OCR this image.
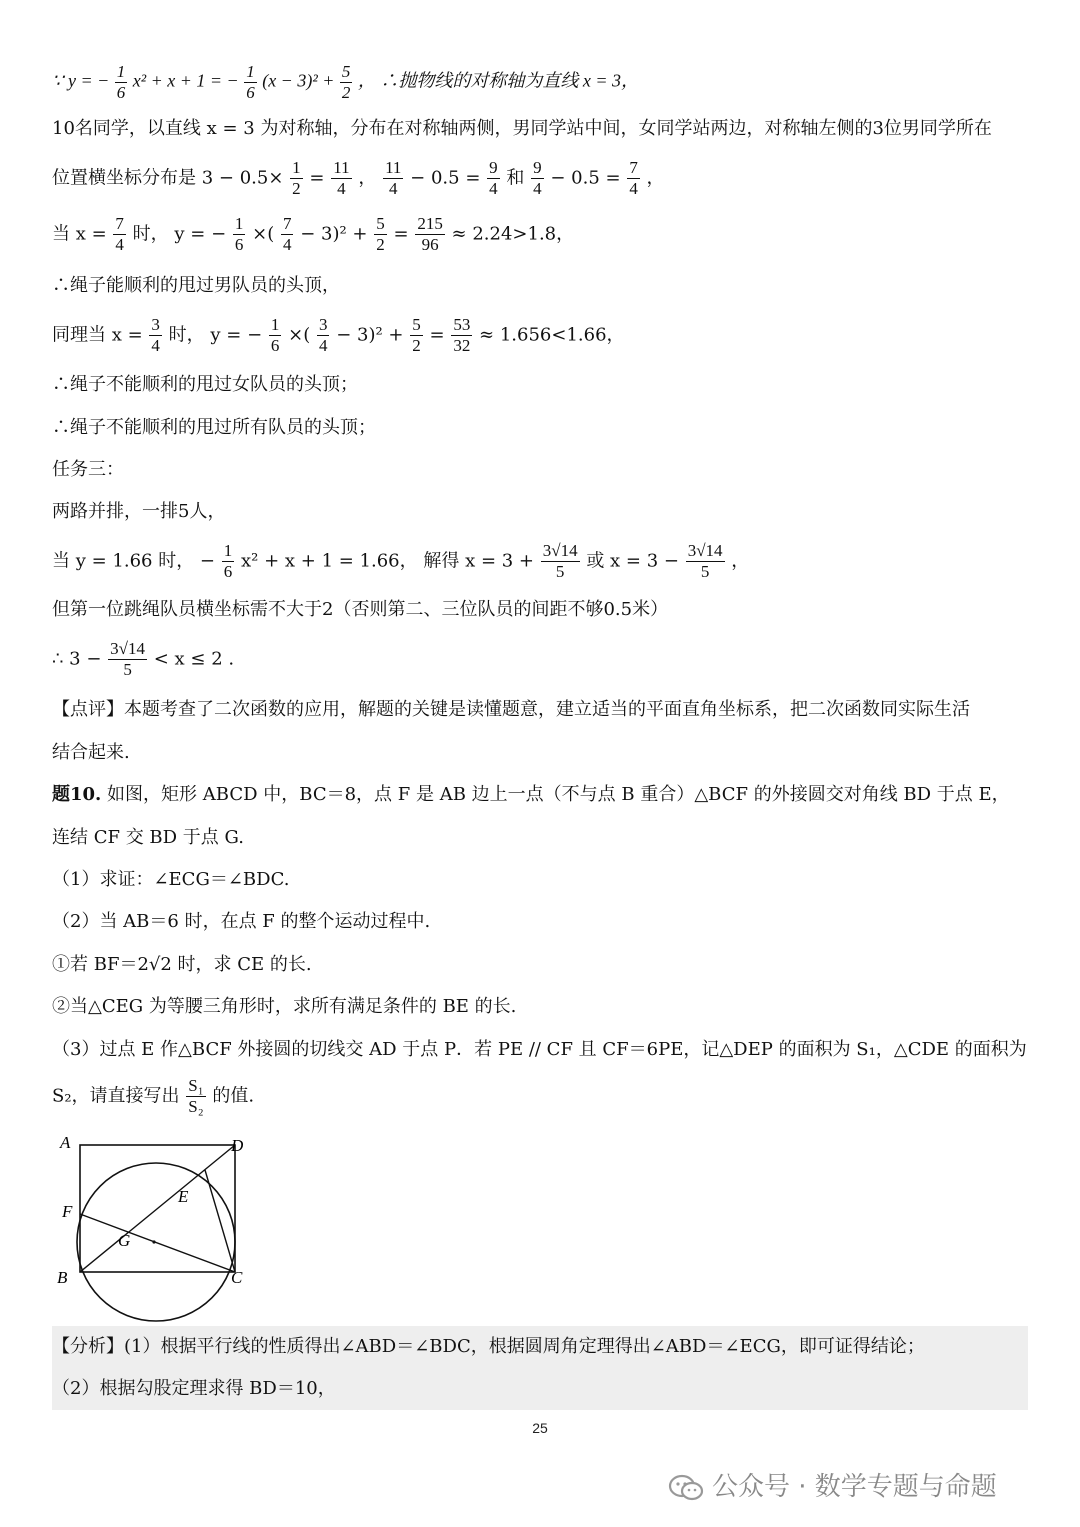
∵ y = − $\frac{1}{6} x^2 + x + 1$ = − $\frac{1}{6} (x - 3)^2 + \frac{5}{2}$ ， ∴抛物线的对称轴为直线 x = 3，
10名同学，以直线 x = 3 为对称轴，分布在对称轴两侧，男同学站中间，女同学站两边，对称轴左侧的3位男同学所在
位置横坐标分布是 $3 - 0.5\times \frac{1}{2} = \frac{11}{4}$ ， $\frac{11}{4} - 0.5 = \frac{9}{4}$ 和 $\frac{9}{4} - 0.5 = \frac{7}{4}$ ，
当 $x = \frac{7}{4}$ 时， y = − $\frac{1}{6}$ ×( $\frac{7}{4} - 3)^2 + \frac{5}{2} = \frac{215}{96} \approx 2.24>1.8$，
∴绳子能顺利的甩过男队员的头顶，
同理当 $x = \frac{3}{4}$ 时， y = − $\frac{1}{6}$ ×( $\frac{3}{4} - 3)^2 + \frac{5}{2} = \frac{53}{32} \approx 1.656<1.66$，
∴绳子不能顺利的甩过女队员的头顶；
∴绳子不能顺利的甩过所有队员的头顶；
任务三：
两路并排，一排5人，
当 y = 1.66 时， − $\frac{1}{6} x^2 + x + 1 = 1.66$， 解得 $x = 3 + \frac{3√14}{5}$ 或 $x = 3 - \frac{3√14}{5}$ ，
但第一位跳绳队员横坐标需不大于2（否则第二、三位队员的间距不够0.5米）
∴ $3 - \frac{3√14}{5} < x \le 2$ .
【点评】本题考查了二次函数的应用，解题的关键是读懂题意，建立适当的平面直角坐标系，把二次函数同实际生活
结合起来.
题10. 如图，矩形 ABCD 中，BC＝8，点 F 是 AB 边上一点（不与点 B 重合）△BCF 的外接圆交对角线 BD 于点 E，
连结 CF 交 BD 于点 G.
（1）求证：∠ECG＝∠BDC.
（2）当 AB＝6 时，在点 F 的整个运动过程中.
①若 BF＝2√2 时，求 CE 的长.
②当△CEG 为等腰三角形时，求所有满足条件的 BE 的长.
（3）过点 E 作△BCF 外接圆的切线交 AD 于点 P．若 PE // CF 且 CF＝6PE，记△DEP 的面积为 S₁，△CDE 的面积为
S₂，请直接写出 $\frac{\text{S₁}}{\text{S₂}}$ 的值.
A	D
E
F
G
B	C
【分析】(1）根据平行线的性质得出∠ABD＝∠BDC，根据圆周角定理得出∠ABD＝∠ECG，即可证得结论；
（2）根据勾股定理求得 BD＝10，
25
公众号 · 数学专题与命题
